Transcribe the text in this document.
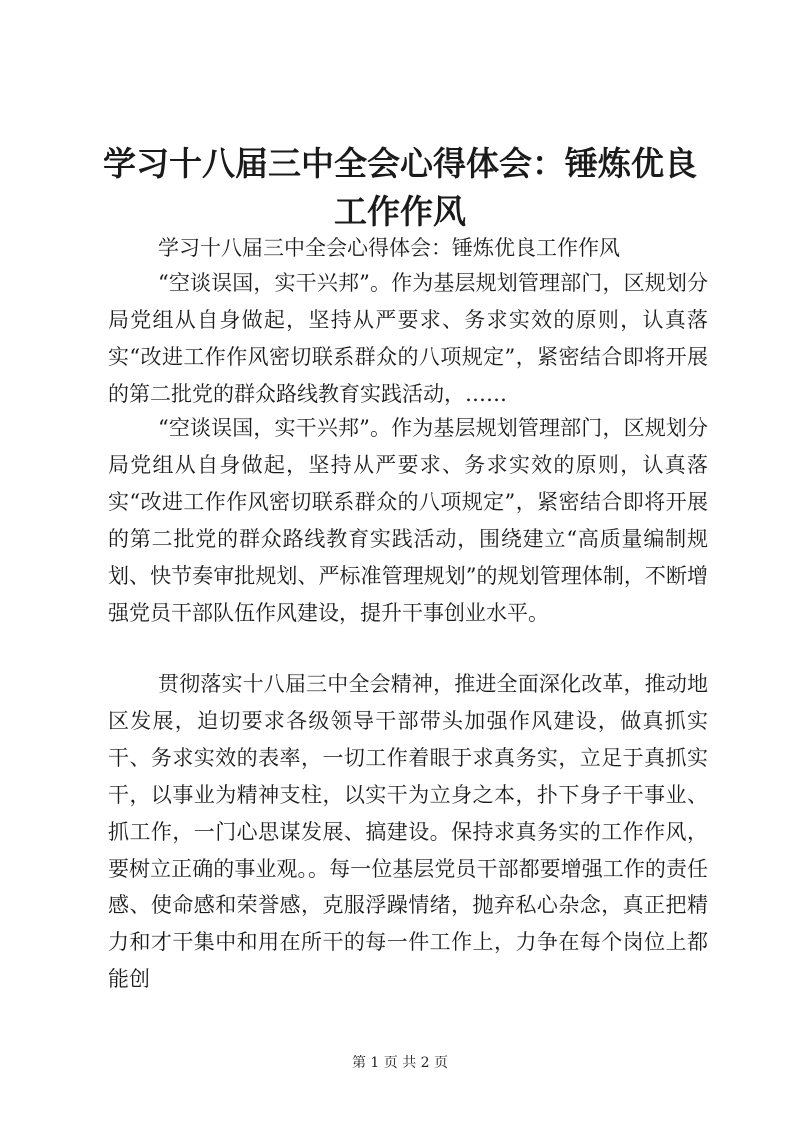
学习十八届三中全会心得体会：锤炼优良工作作风
学习十八届三中全会心得体会：锤炼优良工作作风

“空谈误国，实干兴邦”。作为基层规划管理部门，区规划分局党组从自身做起，坚持从严要求、务求实效的原则，认真落实“改进工作作风密切联系群众的八项规定”，紧密结合即将开展的第二批党的群众路线教育实践活动，……

“空谈误国，实干兴邦”。作为基层规划管理部门，区规划分局党组从自身做起，坚持从严要求、务求实效的原则，认真落实“改进工作作风密切联系群众的八项规定”，紧密结合即将开展的第二批党的群众路线教育实践活动，围绕建立“高质量编制规划、快节奏审批规划、严标准管理规划”的规划管理体制，不断增强党员干部队伍作风建设，提升干事创业水平。

贯彻落实十八届三中全会精神，推进全面深化改革，推动地区发展，迫切要求各级领导干部带头加强作风建设，做真抓实干、务求实效的表率，一切工作着眼于求真务实，立足于真抓实干，以事业为精神支柱，以实干为立身之本，扑下身子干事业、抓工作，一门心思谋发展、搞建设。保持求真务实的工作作风，要树立正确的事业观。。每一位基层党员干部都要增强工作的责任感、使命感和荣誉感，克服浮躁情绪，抛弃私心杂念，真正把精力和才干集中和用在所干的每一件工作上，力争在每个岗位上都能创

第 1 页 共 2 页
